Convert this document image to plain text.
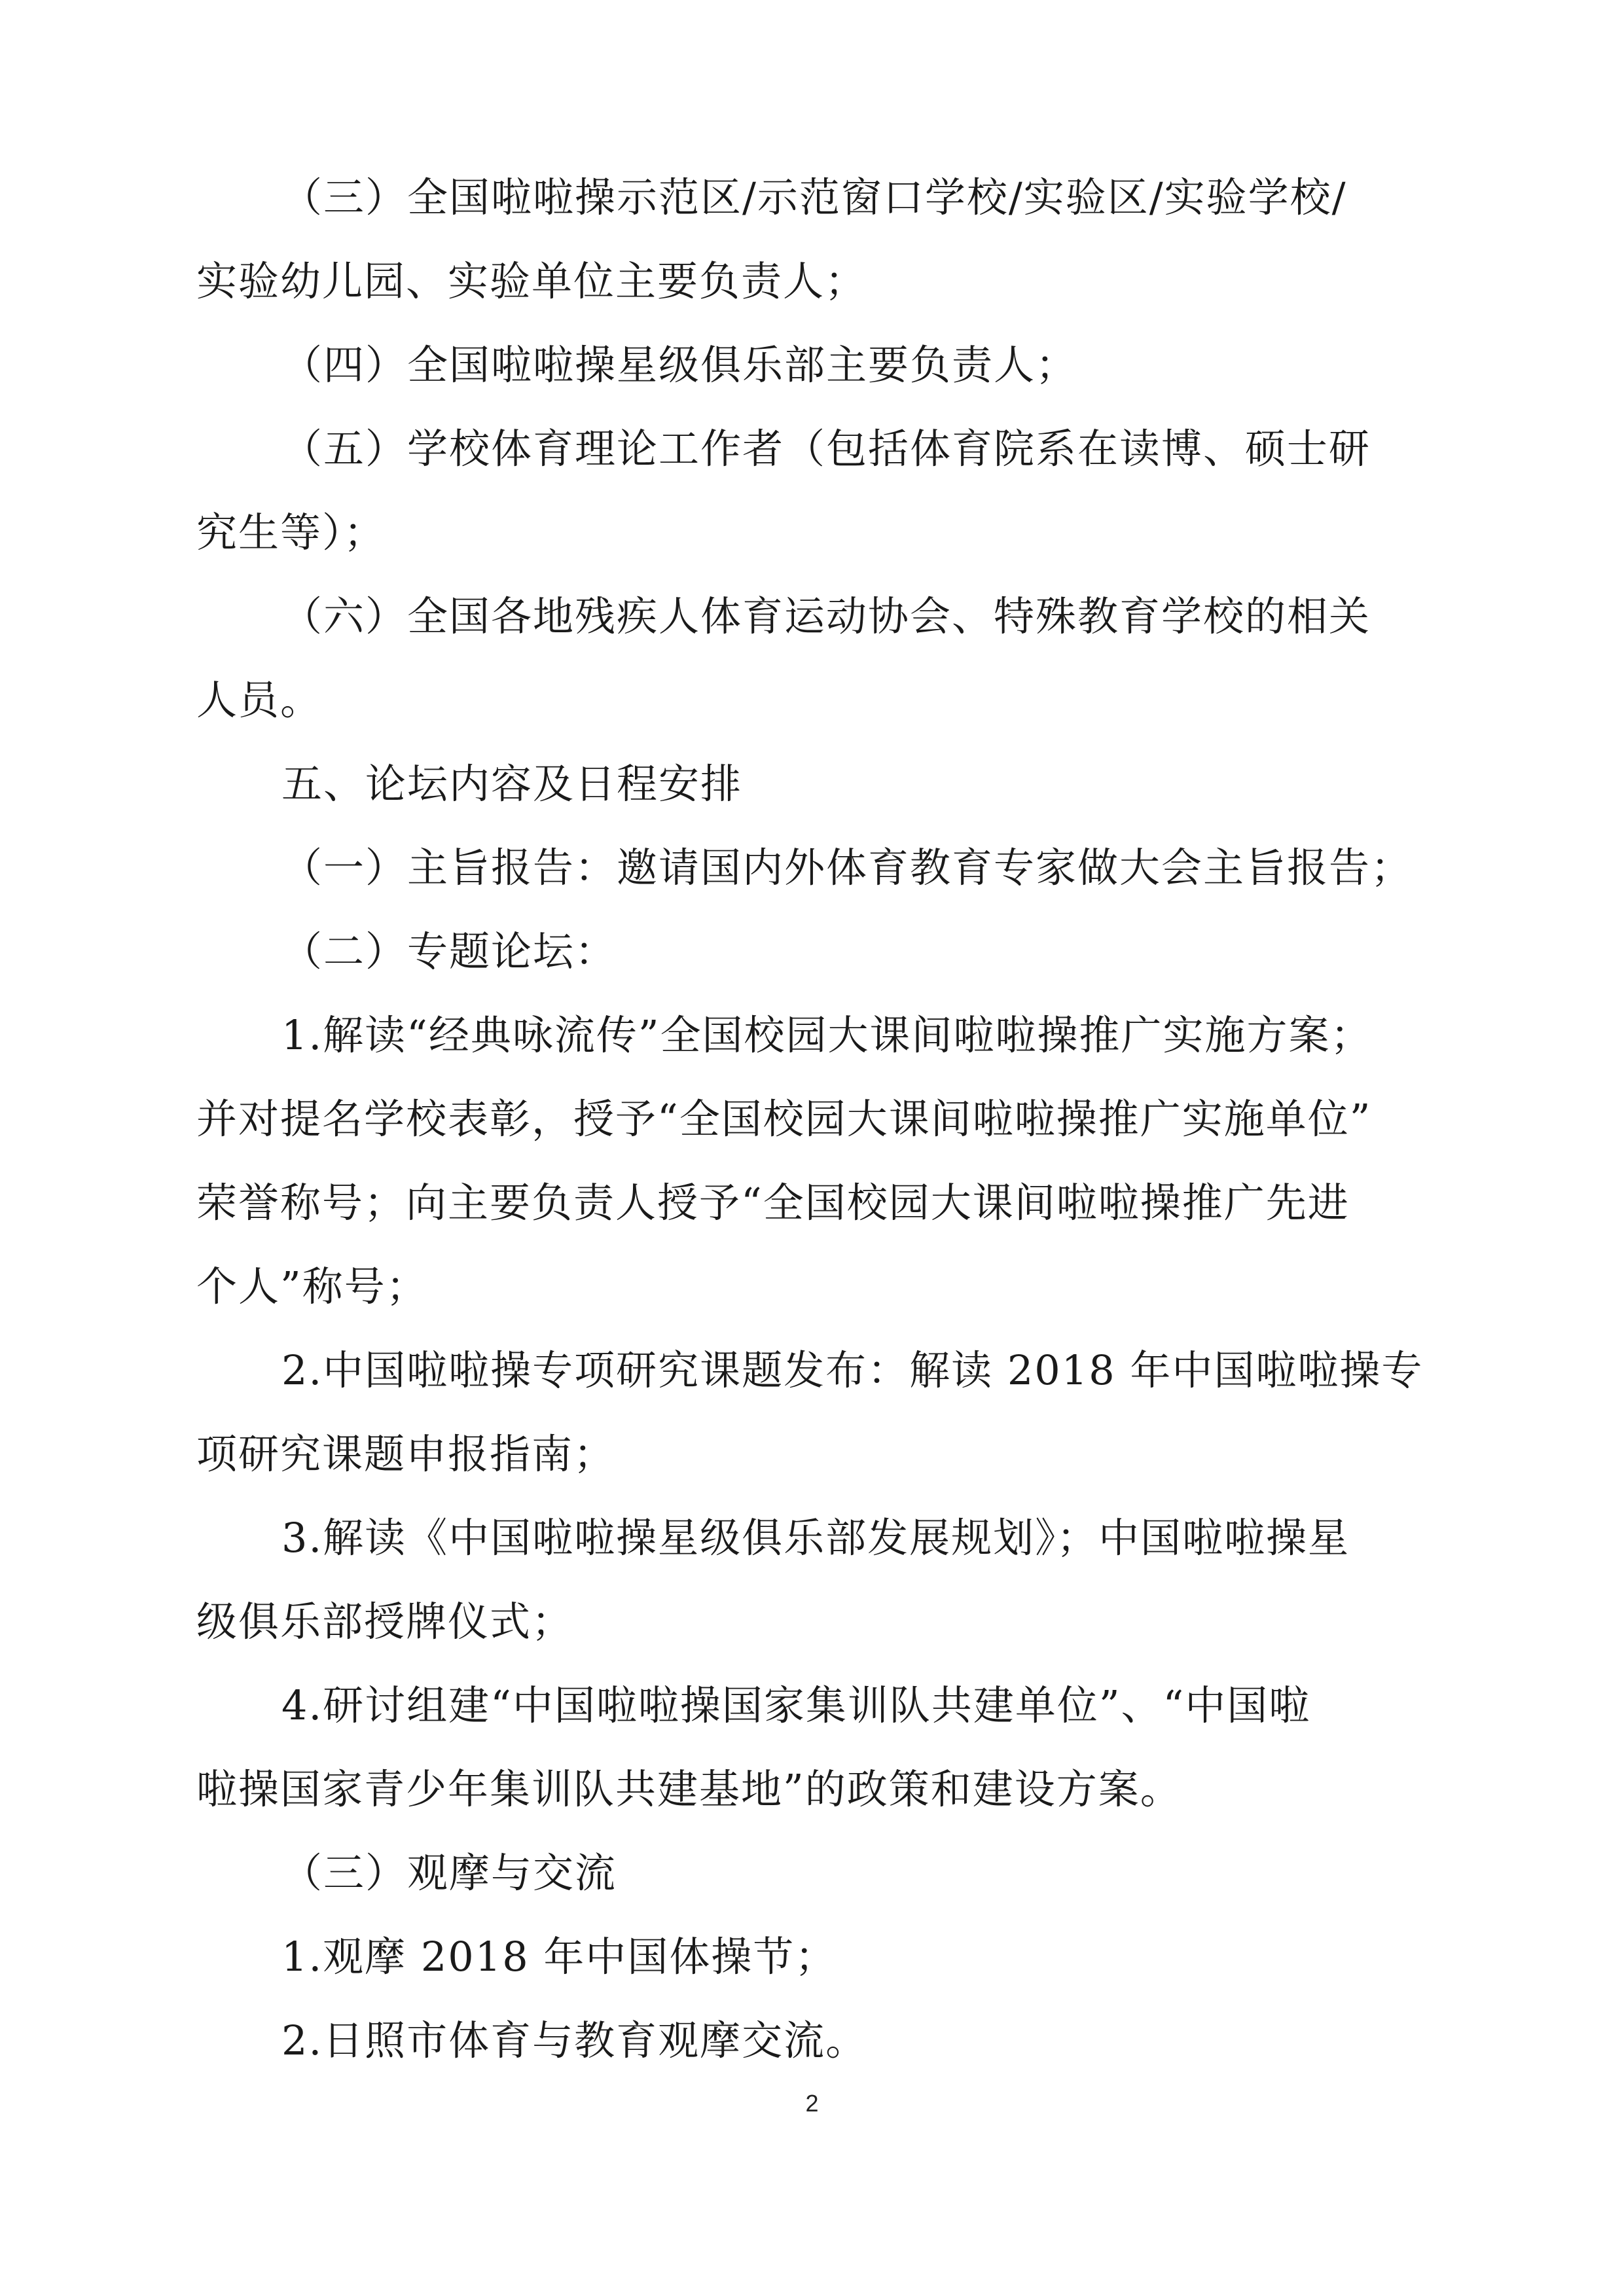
（三）全国啦啦操示范区/示范窗口学校/实验区/实验学校/
实验幼儿园、实验单位主要负责人；
（四）全国啦啦操星级俱乐部主要负责人；
（五）学校体育理论工作者（包括体育院系在读博、硕士研
究生等）；
（六）全国各地残疾人体育运动协会、特殊教育学校的相关
人员。
五、论坛内容及日程安排
（一）主旨报告：邀请国内外体育教育专家做大会主旨报告；
（二）专题论坛：
1.解读“经典咏流传”全国校园大课间啦啦操推广实施方案；
并对提名学校表彰，授予“全国校园大课间啦啦操推广实施单位”
荣誉称号；向主要负责人授予“全国校园大课间啦啦操推广先进
个人”称号；
2.中国啦啦操专项研究课题发布：解读 2018 年中国啦啦操专
项研究课题申报指南；
3.解读《中国啦啦操星级俱乐部发展规划》；中国啦啦操星
级俱乐部授牌仪式；
4.研讨组建“中国啦啦操国家集训队共建单位”、“中国啦
啦操国家青少年集训队共建基地”的政策和建设方案。
（三）观摩与交流
1.观摩 2018 年中国体操节；
2.日照市体育与教育观摩交流。
2
